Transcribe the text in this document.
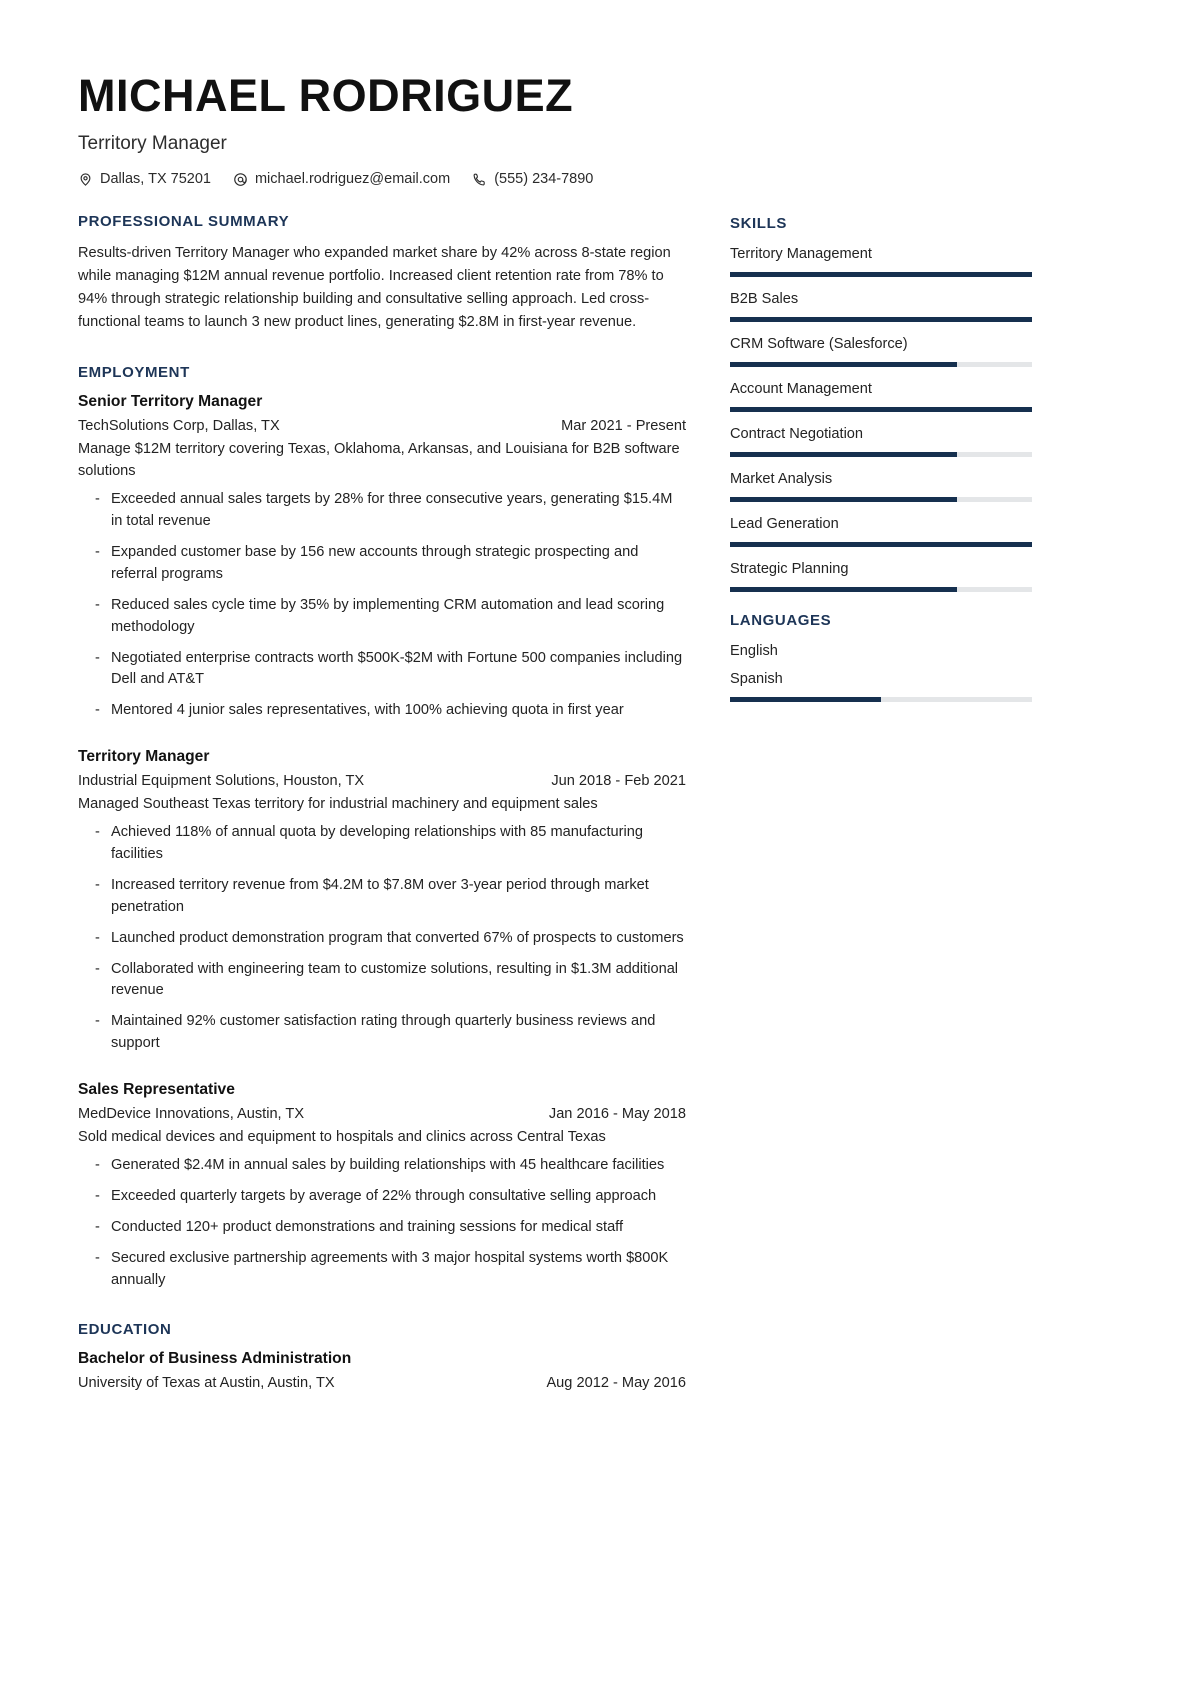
MICHAEL RODRIGUEZ
Territory Manager
Dallas, TX 75201	michael.rodriguez@email.com	(555) 234-7890
PROFESSIONAL SUMMARY
Results-driven Territory Manager who expanded market share by 42% across 8-state region while managing $12M annual revenue portfolio. Increased client retention rate from 78% to 94% through strategic relationship building and consultative selling approach. Led cross-functional teams to launch 3 new product lines, generating $2.8M in first-year revenue.
EMPLOYMENT
Senior Territory Manager
TechSolutions Corp, Dallas, TX	Mar 2021 - Present
Manage $12M territory covering Texas, Oklahoma, Arkansas, and Louisiana for B2B software solutions
- Exceeded annual sales targets by 28% for three consecutive years, generating $15.4M in total revenue
- Expanded customer base by 156 new accounts through strategic prospecting and referral programs
- Reduced sales cycle time by 35% by implementing CRM automation and lead scoring methodology
- Negotiated enterprise contracts worth $500K-$2M with Fortune 500 companies including Dell and AT&T
- Mentored 4 junior sales representatives, with 100% achieving quota in first year
Territory Manager
Industrial Equipment Solutions, Houston, TX	Jun 2018 - Feb 2021
Managed Southeast Texas territory for industrial machinery and equipment sales
- Achieved 118% of annual quota by developing relationships with 85 manufacturing facilities
- Increased territory revenue from $4.2M to $7.8M over 3-year period through market penetration
- Launched product demonstration program that converted 67% of prospects to customers
- Collaborated with engineering team to customize solutions, resulting in $1.3M additional revenue
- Maintained 92% customer satisfaction rating through quarterly business reviews and support
Sales Representative
MedDevice Innovations, Austin, TX	Jan 2016 - May 2018
Sold medical devices and equipment to hospitals and clinics across Central Texas
- Generated $2.4M in annual sales by building relationships with 45 healthcare facilities
- Exceeded quarterly targets by average of 22% through consultative selling approach
- Conducted 120+ product demonstrations and training sessions for medical staff
- Secured exclusive partnership agreements with 3 major hospital systems worth $800K annually
EDUCATION
Bachelor of Business Administration
University of Texas at Austin, Austin, TX	Aug 2012 - May 2016
SKILLS
Territory Management
B2B Sales
CRM Software (Salesforce)
Account Management
Contract Negotiation
Market Analysis
Lead Generation
Strategic Planning
LANGUAGES
English
Spanish
